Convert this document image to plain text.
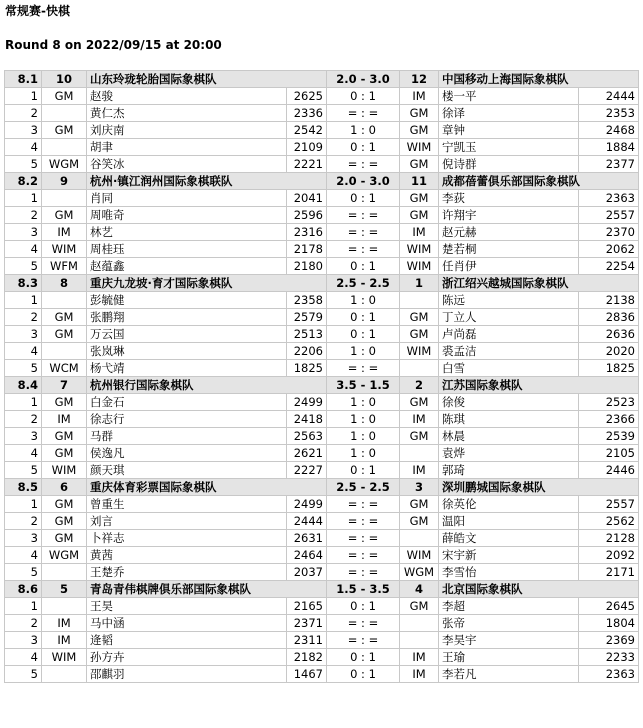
常规赛-快棋
Round 8 on 2022/09/15 at 20:00
8.1	10	山东玲珑轮胎国际象棋队		2.0 - 3.0	12	中国移动上海国际象棋队	
1	GM	赵骏	2625	0 : 1	IM	楼一平	2444
2		黄仁杰	2336	= : =	GM	徐译	2353
3	GM	刘庆南	2542	1 : 0	GM	章钟	2468
4		胡聿	2109	0 : 1	WIM	宁凯玉	1884
5	WGM	谷笑冰	2221	= : =	GM	倪诗群	2377
8.2	9	杭州·镇江润州国际象棋联队		2.0 - 3.0	11	成都蓓蕾俱乐部国际象棋队	
1		肖同	2041	0 : 1	GM	李荻	2363
2	GM	周唯奇	2596	= : =	GM	许翔宇	2557
3	IM	林艺	2316	= : =	IM	赵元赫	2370
4	WIM	周桂珏	2178	= : =	WIM	楚若桐	2062
5	WFM	赵蕴鑫	2180	0 : 1	WIM	任肖伊	2254
8.3	8	重庆九龙坡·育才国际象棋队		2.5 - 2.5	1	浙江绍兴越城国际象棋队	
1		彭毓健	2358	1 : 0		陈远	2138
2	GM	张鹏翔	2579	0 : 1	GM	丁立人	2836
3	GM	万云国	2513	0 : 1	GM	卢尚磊	2636
4		张岚琳	2206	1 : 0	WIM	裘孟洁	2020
5	WCM	杨弋靖	1825	= : =		白雪	1825
8.4	7	杭州银行国际象棋队		3.5 - 1.5	2	江苏国际象棋队	
1	GM	白金石	2499	1 : 0	GM	徐俊	2523
2	IM	徐志行	2418	1 : 0	IM	陈琪	2366
3	GM	马群	2563	1 : 0	GM	林晨	2539
4	GM	侯逸凡	2621	1 : 0		袁烨	2105
5	WIM	颜天琪	2227	0 : 1	IM	郭琦	2446
8.5	6	重庆体育彩票国际象棋队		2.5 - 2.5	3	深圳鹏城国际象棋队	
1	GM	曾重生	2499	= : =	GM	徐英伦	2557
2	GM	刘言	2444	= : =	GM	温阳	2562
3	GM	卜祥志	2631	= : =		薛皓文	2128
4	WGM	黄茜	2464	= : =	WIM	宋宇新	2092
5		王楚乔	2037	= : =	WGM	李雪怡	2171
8.6	5	青岛青伟棋牌俱乐部国际象棋队		1.5 - 3.5	4	北京国际象棋队	
1		王昊	2165	0 : 1	GM	李超	2645
2	IM	马中涵	2371	= : =		张帝	1804
3	IM	逄韬	2311	= : =		李昊宇	2369
4	WIM	孙方卉	2182	0 : 1	IM	王瑜	2233
5		邵麒羽	1467	0 : 1	IM	李若凡	2363
